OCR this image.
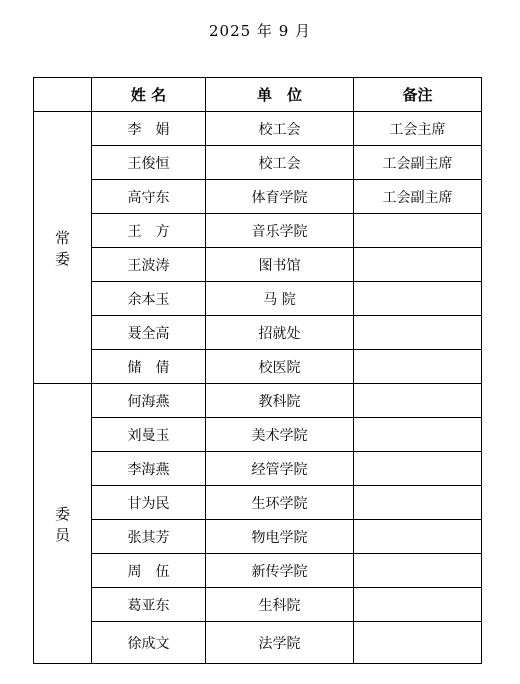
2025 年 9 月
	姓 名	单　位	备注

常
委	李　娟	校工会	工会主席
	王俊恒	校工会	工会副主席
	高守东	体育学院	工会副主席
	王　方	音乐学院	
	王波涛	图书馆	
	余本玉	马 院	
	聂全高	招就处	
	储　倩	校医院	

委
员	何海燕	教科院	
	刘曼玉	美术学院	
	李海燕	经管学院	
	甘为民	生环学院	
	张其芳	物电学院	
	周　伍	新传学院	
	葛亚东	生科院	
	徐成文	法学院	
